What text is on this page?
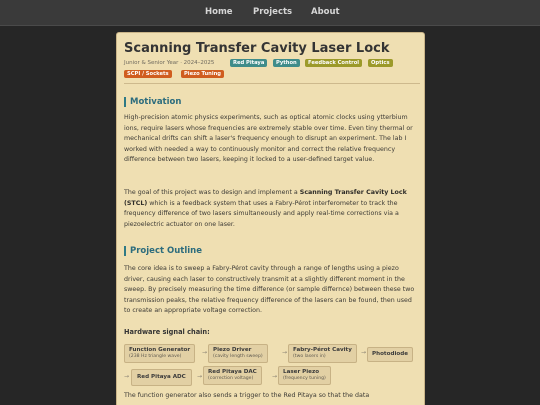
Home Projects About
Scanning Transfer Cavity Laser Lock
Junior & Senior Year · 2024–2025	Red Pitaya	Python	Feedback Control	Optics
SCPI / Sockets	Piezo Tuning
Motivation

High-precision atomic physics experiments, such as optical atomic clocks using ytterbium ions, require lasers whose frequencies are extremely stable over time. Even tiny thermal or mechanical drifts can shift a laser's frequency enough to disrupt an experiment. The lab I worked with needed a way to continuously monitor and correct the relative frequency difference between two lasers, keeping it locked to a user-defined target value.

The goal of this project was to design and implement a Scanning Transfer Cavity Lock (STCL) which is a feedback system that uses a Fabry-Pérot interferometer to track the frequency difference of two lasers simultaneously and apply real-time corrections via a piezoelectric actuator on one laser.

Project Outline

The core idea is to sweep a Fabry-Pérot cavity through a range of lengths using a piezo driver, causing each laser to constructively transmit at a slightly different moment in the sweep. By precisely measuring the time difference (or sample differnce) between these two transmission peaks, the relative frequency difference of the lasers can be found, then used to create an appropriate voltage correction.

Hardware signal chain:
Function Generator
(238 Hz triangle wave)	→	Piezo Driver
(cavity length sweep)	→	Fabry-Pérot Cavity
(two lasers in)	→	Photodiode
→	Red Pitaya ADC	→
Red Pitaya DAC
(correction voltage)	→
Laser Piezo
(frequency tuning)

The function generator also sends a trigger to the Red Pitaya so that the data
